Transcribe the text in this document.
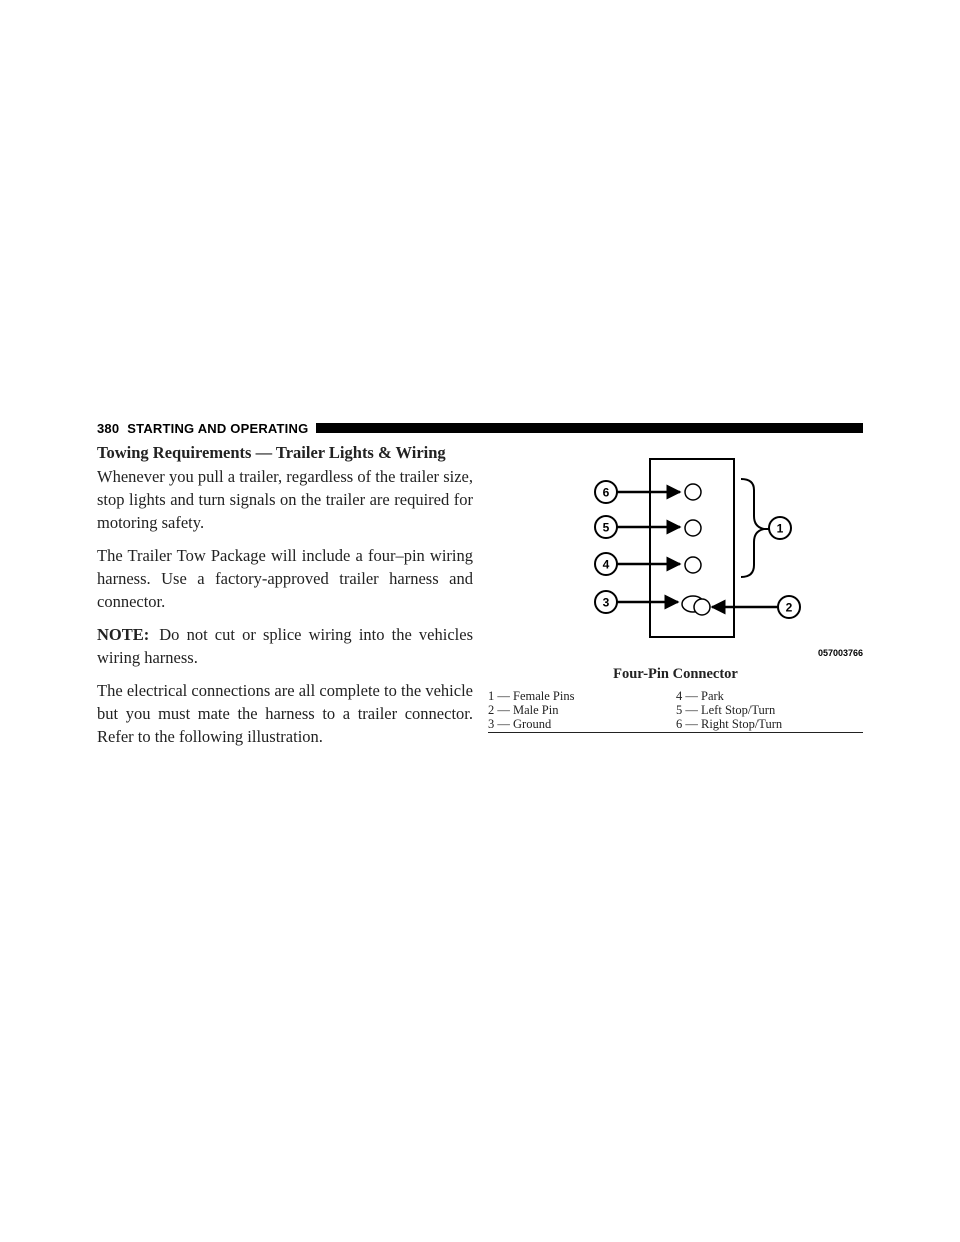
380 STARTING AND OPERATING
Towing Requirements — Trailer Lights & Wiring

Whenever you pull a trailer, regardless of the trailer size, stop lights and turn signals on the trailer are required for motoring safety.

The Trailer Tow Package will include a four–pin wiring harness. Use a factory-approved trailer harness and connector.

NOTE: Do not cut or splice wiring into the vehicles wiring harness.

The electrical connections are all complete to the vehicle but you must mate the harness to a trailer connector. Refer to the following illustration.

6
5
4
3
1
2
057003766
Four-Pin Connector
1 — Female Pins	4 — Park
2 — Male Pin	5 — Left Stop/Turn
3 — Ground	6 — Right Stop/Turn
